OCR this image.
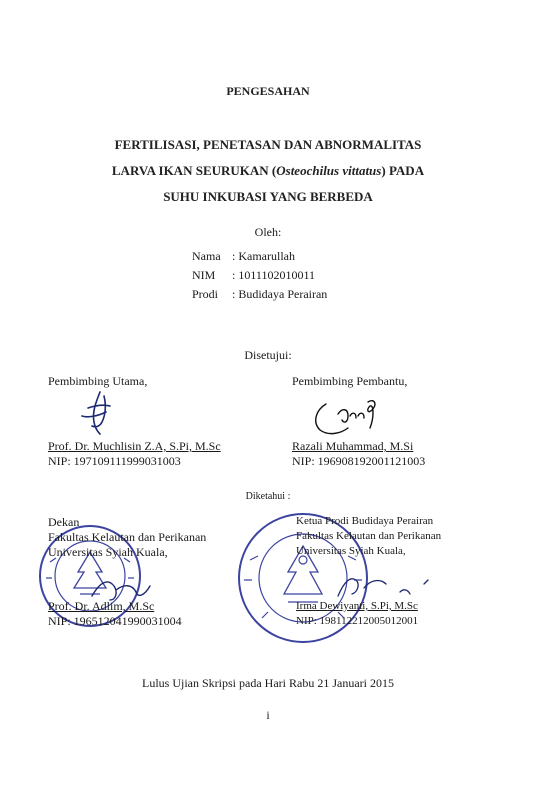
PENGESAHAN
FERTILISASI, PENETASAN DAN ABNORMALITAS
LARVA IKAN SEURUKAN (Osteochilus vittatus) PADA
SUHU INKUBASI YANG BERBEDA
Oleh:
Nama : Kamarullah
NIM	: 1011102010011
Prodi	: Budidaya Perairan
Disetujui:
Pembimbing Utama,
Prof. Dr. Muchlisin Z.A, S.Pi, M.Sc
NIP: 197109111999031003
Pembimbing Pembantu,
Razali Muhammad, M.Si
NIP: 196908192001121003
Diketahui :
Dekan
Fakultas Kelautan dan Perikanan
Universitas Syiah Kuala,
Prof. Dr. Adlim, M.Sc
NIP: 196512041990031004
Ketua Prodi Budidaya Perairan
Fakultas Kelautan dan Perikanan
Universitas Syiah Kuala,
Irma Dewiyanti, S.Pi, M.Sc
NIP: 198112212005012001
Lulus Ujian Skripsi pada Hari Rabu 21 Januari 2015
i
